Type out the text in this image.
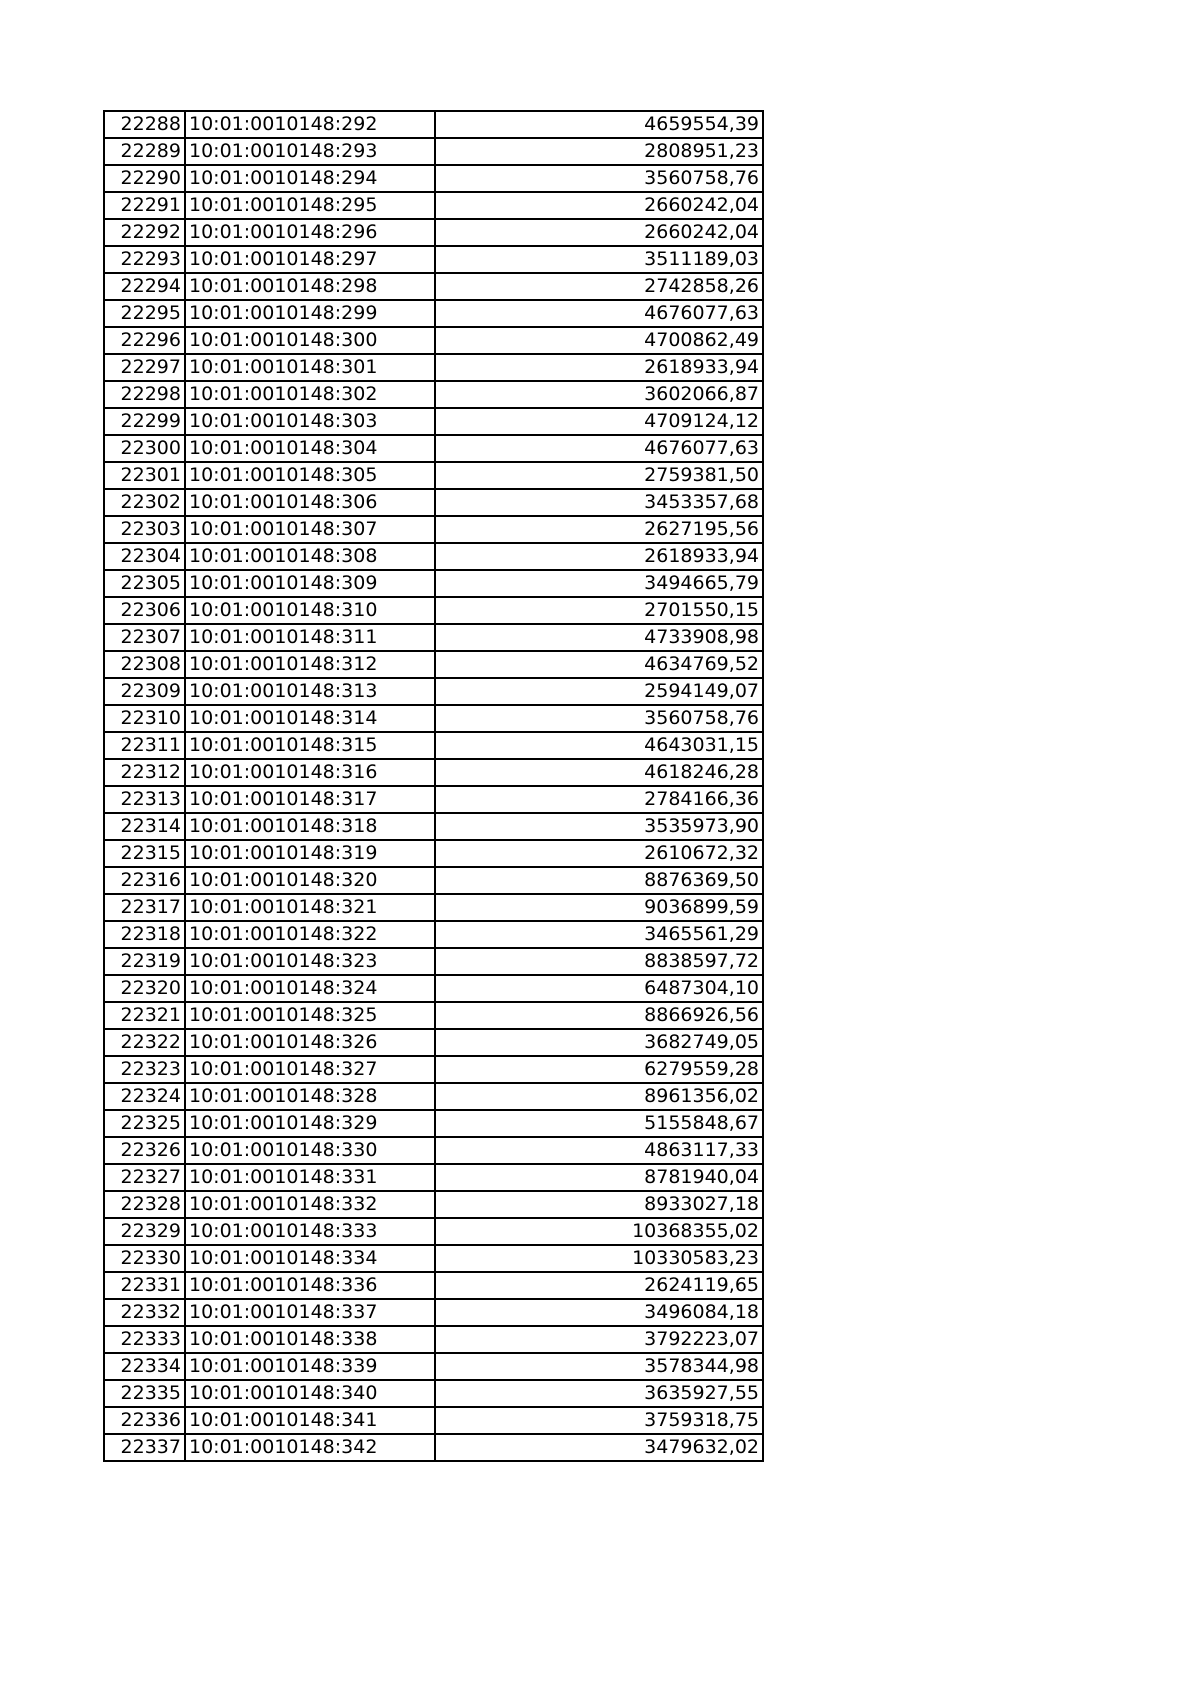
22288	10:01:0010148:292	4659554,39
22289	10:01:0010148:293	2808951,23
22290	10:01:0010148:294	3560758,76
22291	10:01:0010148:295	2660242,04
22292	10:01:0010148:296	2660242,04
22293	10:01:0010148:297	3511189,03
22294	10:01:0010148:298	2742858,26
22295	10:01:0010148:299	4676077,63
22296	10:01:0010148:300	4700862,49
22297	10:01:0010148:301	2618933,94
22298	10:01:0010148:302	3602066,87
22299	10:01:0010148:303	4709124,12
22300	10:01:0010148:304	4676077,63
22301	10:01:0010148:305	2759381,50
22302	10:01:0010148:306	3453357,68
22303	10:01:0010148:307	2627195,56
22304	10:01:0010148:308	2618933,94
22305	10:01:0010148:309	3494665,79
22306	10:01:0010148:310	2701550,15
22307	10:01:0010148:311	4733908,98
22308	10:01:0010148:312	4634769,52
22309	10:01:0010148:313	2594149,07
22310	10:01:0010148:314	3560758,76
22311	10:01:0010148:315	4643031,15
22312	10:01:0010148:316	4618246,28
22313	10:01:0010148:317	2784166,36
22314	10:01:0010148:318	3535973,90
22315	10:01:0010148:319	2610672,32
22316	10:01:0010148:320	8876369,50
22317	10:01:0010148:321	9036899,59
22318	10:01:0010148:322	3465561,29
22319	10:01:0010148:323	8838597,72
22320	10:01:0010148:324	6487304,10
22321	10:01:0010148:325	8866926,56
22322	10:01:0010148:326	3682749,05
22323	10:01:0010148:327	6279559,28
22324	10:01:0010148:328	8961356,02
22325	10:01:0010148:329	5155848,67
22326	10:01:0010148:330	4863117,33
22327	10:01:0010148:331	8781940,04
22328	10:01:0010148:332	8933027,18
22329	10:01:0010148:333	10368355,02
22330	10:01:0010148:334	10330583,23
22331	10:01:0010148:336	2624119,65
22332	10:01:0010148:337	3496084,18
22333	10:01:0010148:338	3792223,07
22334	10:01:0010148:339	3578344,98
22335	10:01:0010148:340	3635927,55
22336	10:01:0010148:341	3759318,75
22337	10:01:0010148:342	3479632,02
